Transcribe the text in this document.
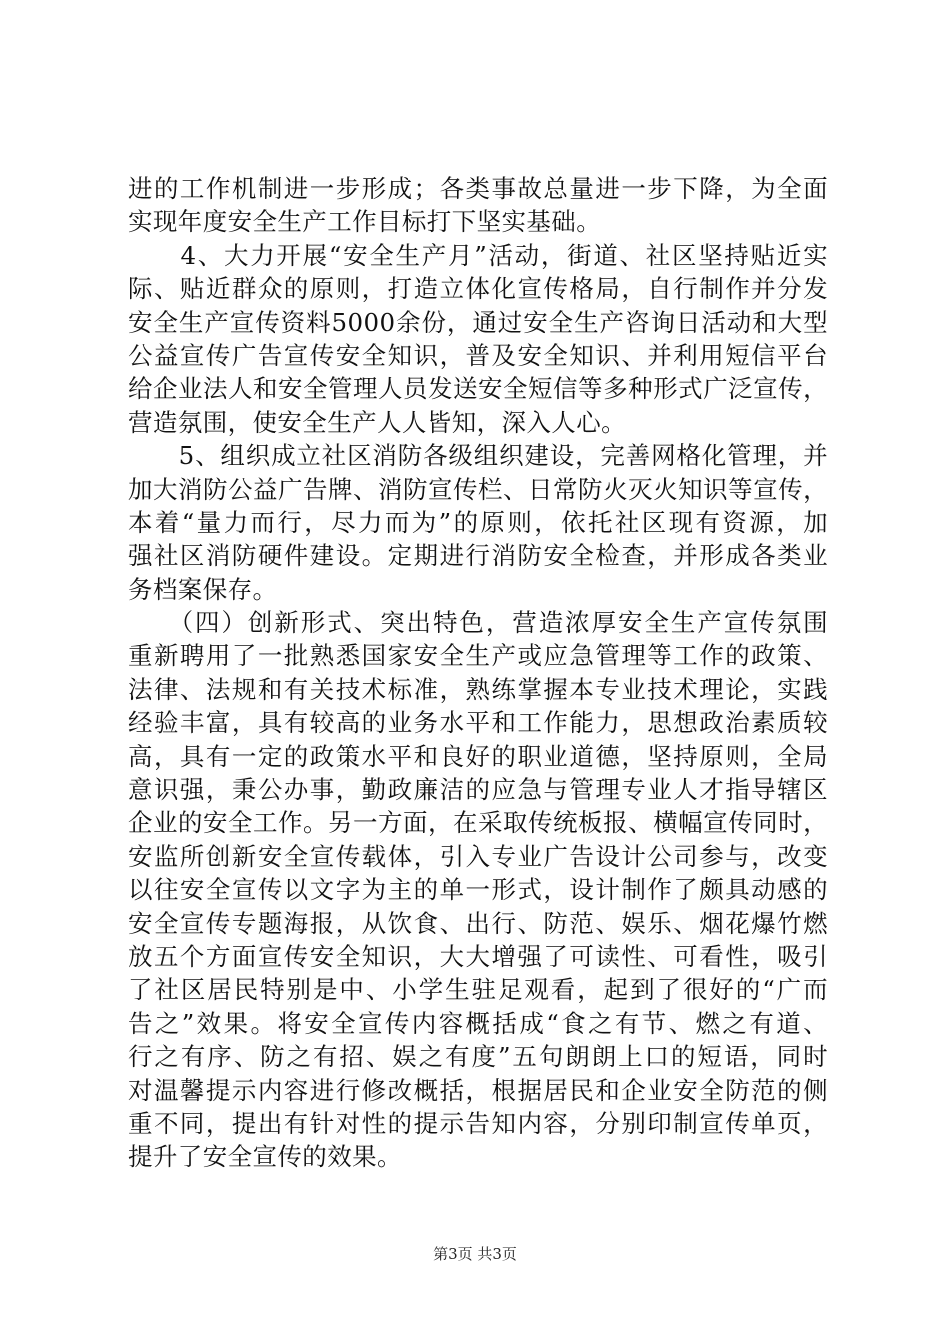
进的工作机制进一步形成；各类事故总量进一步下降，为全面
实现年度安全生产工作目标打下坚实基础。
　　4、大力开展“安全生产月”活动，街道、社区坚持贴近实
际、贴近群众的原则，打造立体化宣传格局，自行制作并分发
安全生产宣传资料5000余份，通过安全生产咨询日活动和大型
公益宣传广告宣传安全知识，普及安全知识、并利用短信平台
给企业法人和安全管理人员发送安全短信等多种形式广泛宣传，
营造氛围，使安全生产人人皆知，深入人心。
　　5、组织成立社区消防各级组织建设，完善网格化管理，并
加大消防公益广告牌、消防宣传栏、日常防火灭火知识等宣传，
本着“量力而行，尽力而为”的原则，依托社区现有资源，加
强社区消防硬件建设。定期进行消防安全检查，并形成各类业
务档案保存。
　　（四）创新形式、突出特色，营造浓厚安全生产宣传氛围
重新聘用了一批熟悉国家安全生产或应急管理等工作的政策、
法律、法规和有关技术标准，熟练掌握本专业技术理论，实践
经验丰富，具有较高的业务水平和工作能力，思想政治素质较
高，具有一定的政策水平和良好的职业道德，坚持原则，全局
意识强，秉公办事，勤政廉洁的应急与管理专业人才指导辖区
企业的安全工作。另一方面，在采取传统板报、横幅宣传同时，
安监所创新安全宣传载体，引入专业广告设计公司参与，改变
以往安全宣传以文字为主的单一形式，设计制作了颇具动感的
安全宣传专题海报，从饮食、出行、防范、娱乐、烟花爆竹燃
放五个方面宣传安全知识，大大增强了可读性、可看性，吸引
了社区居民特别是中、小学生驻足观看，起到了很好的“广而
告之”效果。将安全宣传内容概括成“食之有节、燃之有道、
行之有序、防之有招、娱之有度”五句朗朗上口的短语，同时
对温馨提示内容进行修改概括，根据居民和企业安全防范的侧
重不同，提出有针对性的提示告知内容，分别印制宣传单页，
提升了安全宣传的效果。
第3页 共3页
